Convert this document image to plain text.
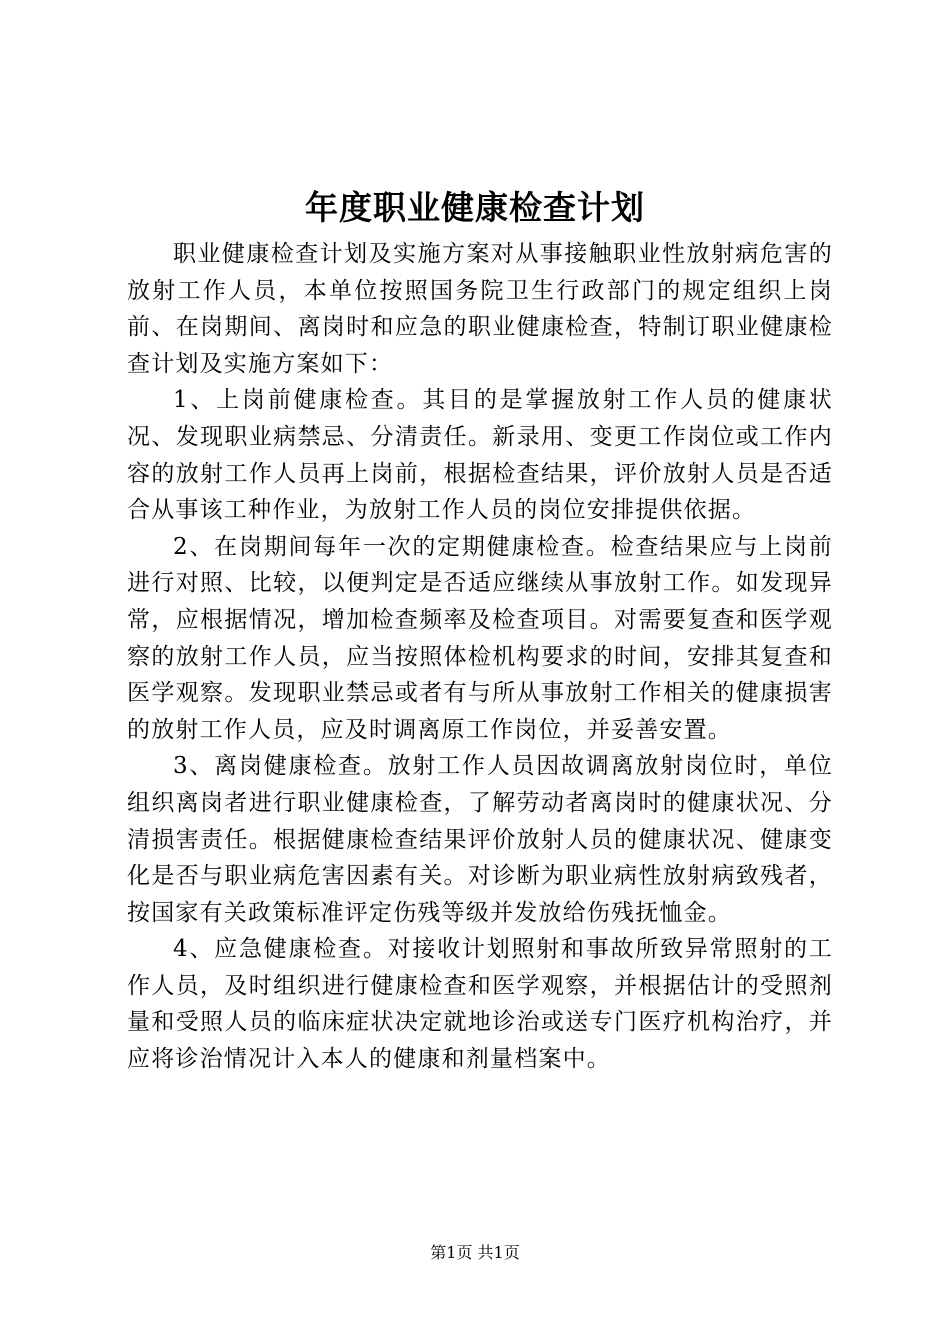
年度职业健康检查计划

职业健康检查计划及实施方案对从事接触职业性放射病危害的放射工作人员，本单位按照国务院卫生行政部门的规定组织上岗前、在岗期间、离岗时和应急的职业健康检查，特制订职业健康检查计划及实施方案如下：

1、上岗前健康检查。其目的是掌握放射工作人员的健康状况、发现职业病禁忌、分清责任。新录用、变更工作岗位或工作内容的放射工作人员再上岗前，根据检查结果，评价放射人员是否适合从事该工种作业，为放射工作人员的岗位安排提供依据。

2、在岗期间每年一次的定期健康检查。检查结果应与上岗前进行对照、比较，以便判定是否适应继续从事放射工作。如发现异常，应根据情况，增加检查频率及检查项目。对需要复查和医学观察的放射工作人员，应当按照体检机构要求的时间，安排其复查和医学观察。发现职业禁忌或者有与所从事放射工作相关的健康损害的放射工作人员，应及时调离原工作岗位，并妥善安置。

3、离岗健康检查。放射工作人员因故调离放射岗位时，单位组织离岗者进行职业健康检查，了解劳动者离岗时的健康状况、分清损害责任。根据健康检查结果评价放射人员的健康状况、健康变化是否与职业病危害因素有关。对诊断为职业病性放射病致残者，按国家有关政策标准评定伤残等级并发放给伤残抚恤金。

4、应急健康检查。对接收计划照射和事故所致异常照射的工作人员，及时组织进行健康检查和医学观察，并根据估计的受照剂量和受照人员的临床症状决定就地诊治或送专门医疗机构治疗，并应将诊治情况计入本人的健康和剂量档案中。

第1页 共1页
